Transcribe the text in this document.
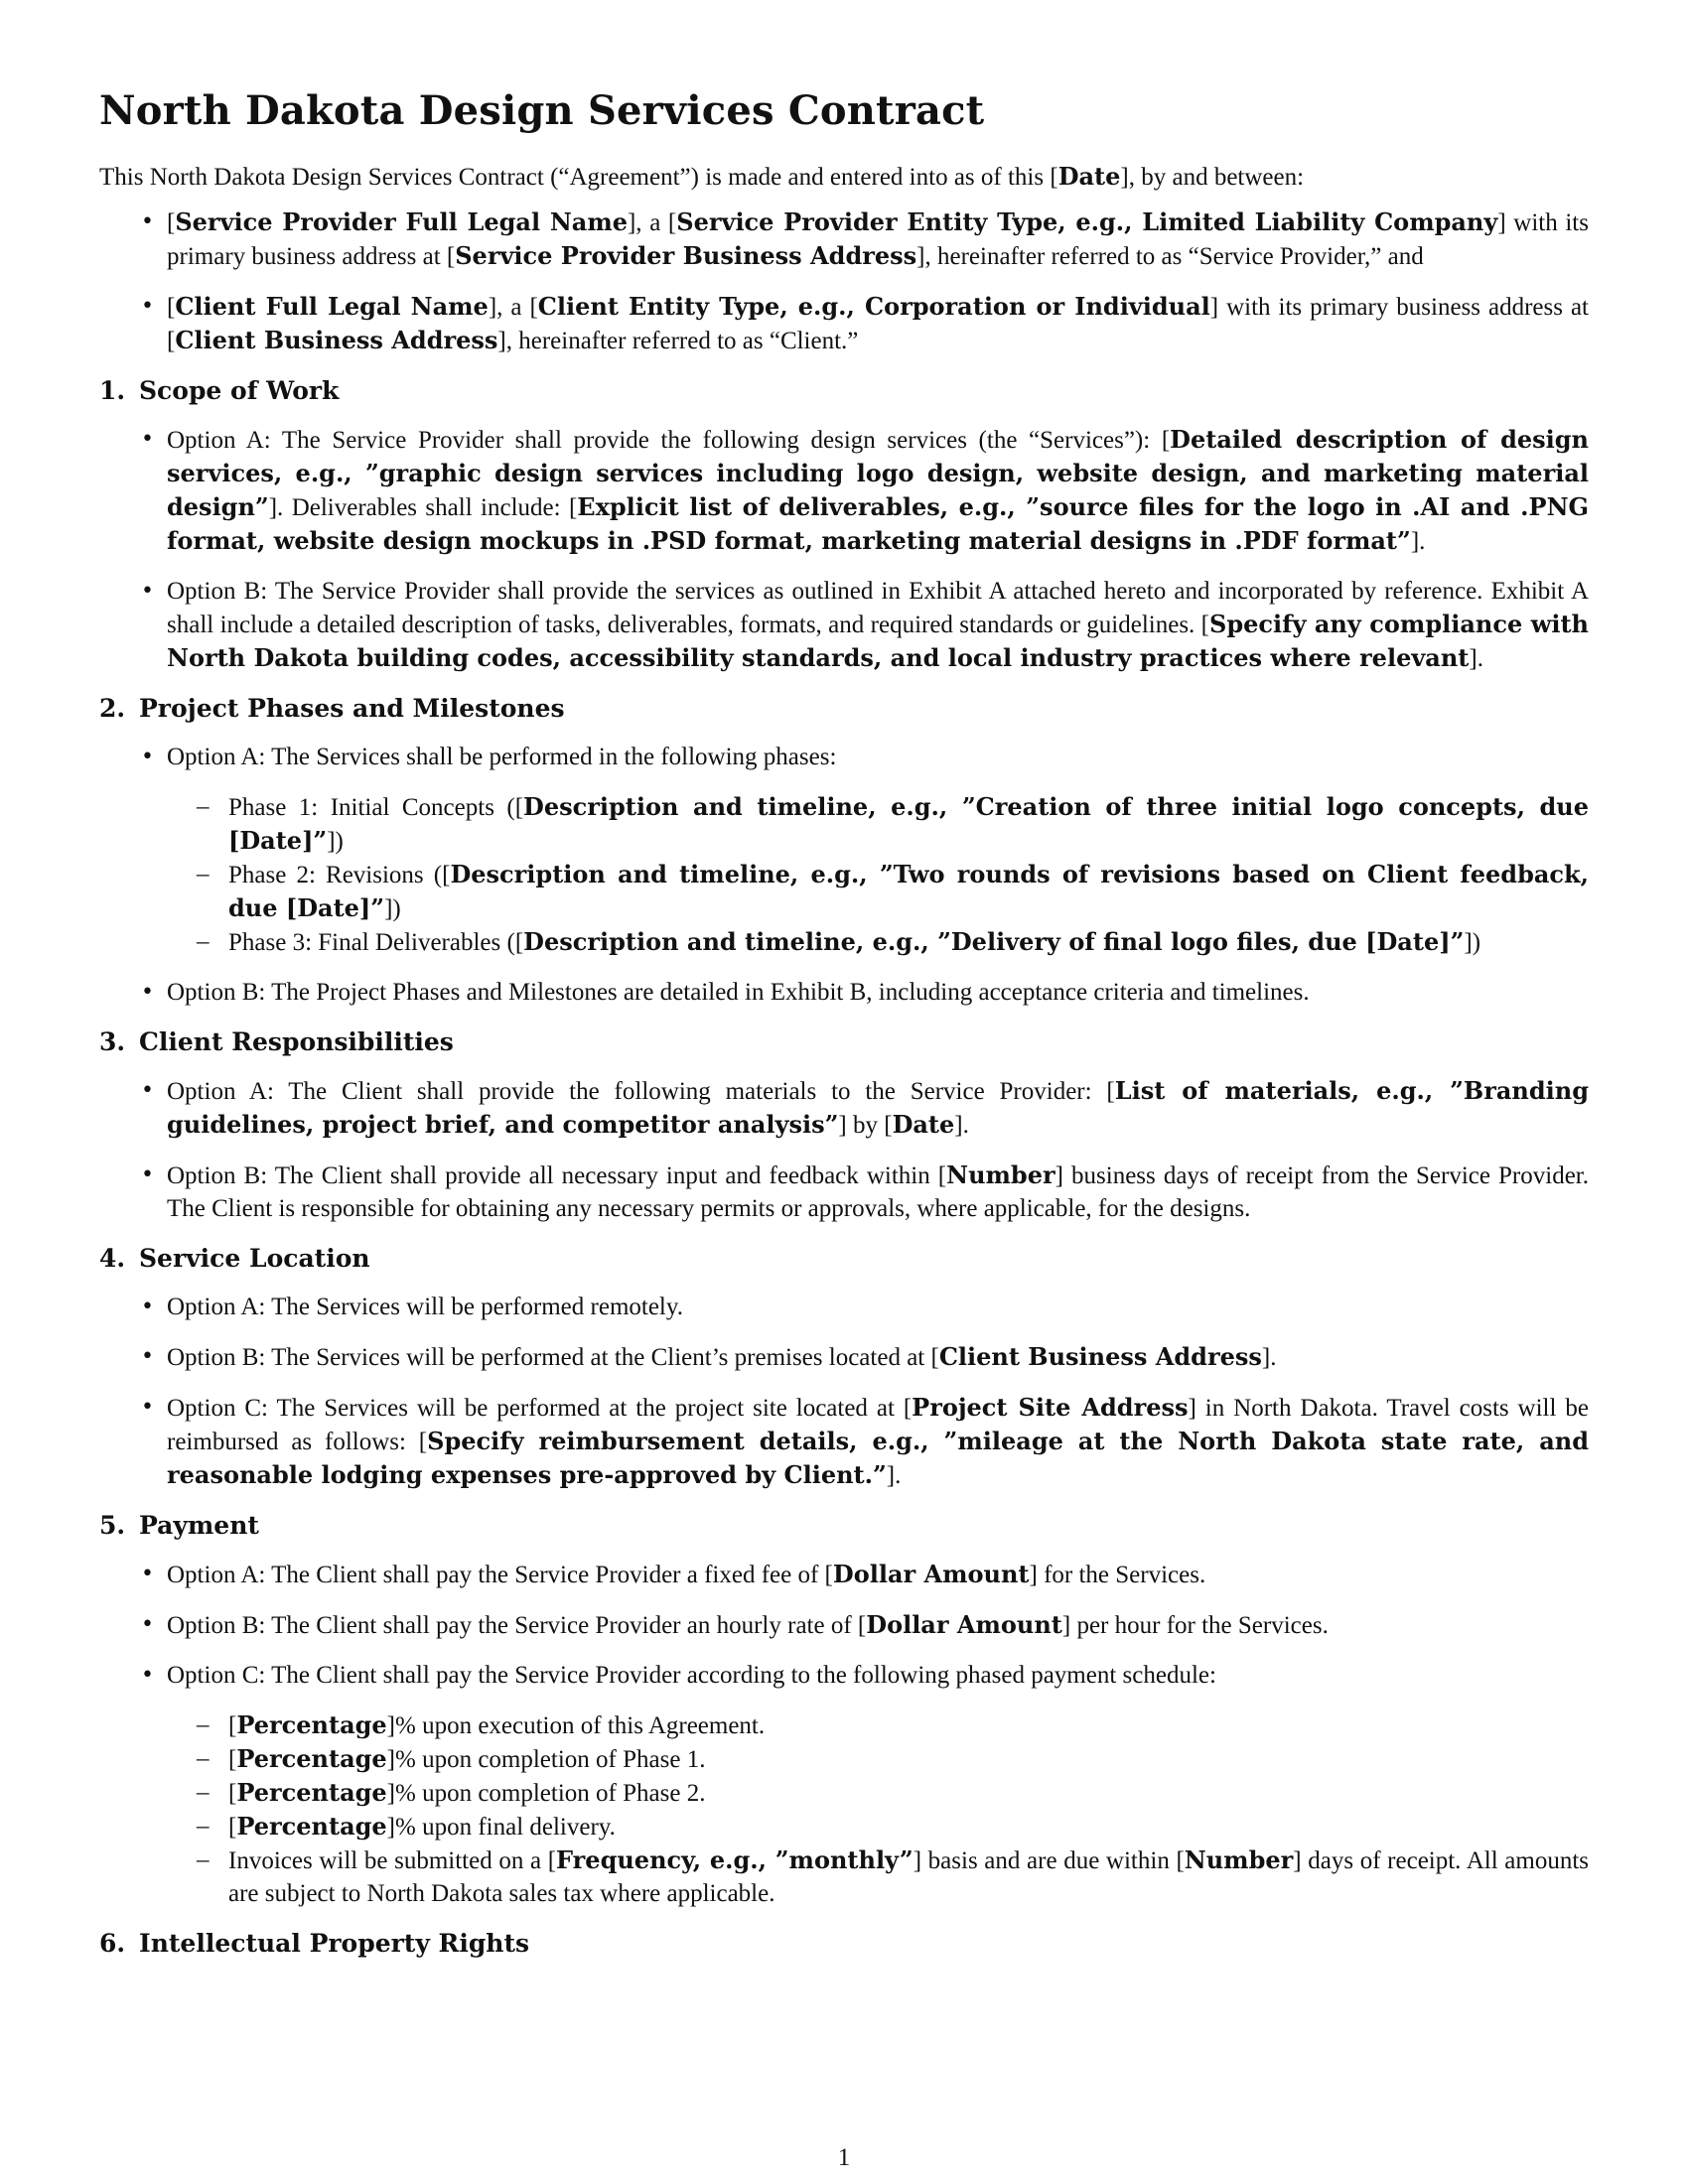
North Dakota Design Services Contract

This North Dakota Design Services Contract (“Agreement”) is made and entered into as of this [Date], by and between:

• [Service Provider Full Legal Name], a [Service Provider Entity Type, e.g., Limited Liability Company] with its primary business address at [Service Provider Business Address], hereinafter referred to as “Service Provider,” and
• [Client Full Legal Name], a [Client Entity Type, e.g., Corporation or Individual] with its primary business address at [Client Business Address], hereinafter referred to as “Client.”
1. Scope of Work
• Option A: The Service Provider shall provide the following design services (the “Services”): [Detailed description of design services, e.g., ”graphic design services including logo design, website design, and marketing material design”]. Deliverables shall include: [Explicit list of deliverables, e.g., ”source files for the logo in .AI and .PNG format, website design mockups in .PSD format, marketing material designs in .PDF format”].
• Option B: The Service Provider shall provide the services as outlined in Exhibit A attached hereto and incorporated by reference. Exhibit A shall include a detailed description of tasks, deliverables, formats, and required standards or guidelines. [Specify any compliance with North Dakota building codes, accessibility standards, and local industry practices where relevant].
2. Project Phases and Milestones
• Option A: The Services shall be performed in the following phases:
– Phase 1: Initial Concepts ([Description and timeline, e.g., ”Creation of three initial logo concepts, due [Date]”])
– Phase 2: Revisions ([Description and timeline, e.g., ”Two rounds of revisions based on Client feedback, due [Date]”])
– Phase 3: Final Deliverables ([Description and timeline, e.g., ”Delivery of final logo files, due [Date]”])
• Option B: The Project Phases and Milestones are detailed in Exhibit B, including acceptance criteria and timelines.
3. Client Responsibilities
• Option A: The Client shall provide the following materials to the Service Provider: [List of materials, e.g., ”Branding guidelines, project brief, and competitor analysis”] by [Date].
• Option B: The Client shall provide all necessary input and feedback within [Number] business days of receipt from the Service Provider. The Client is responsible for obtaining any necessary permits or approvals, where applicable, for the designs.
4. Service Location
• Option A: The Services will be performed remotely.
• Option B: The Services will be performed at the Client’s premises located at [Client Business Address].
• Option C: The Services will be performed at the project site located at [Project Site Address] in North Dakota. Travel costs will be reimbursed as follows: [Specify reimbursement details, e.g., ”mileage at the North Dakota state rate, and reasonable lodging expenses pre-approved by Client.”].
5. Payment
• Option A: The Client shall pay the Service Provider a fixed fee of [Dollar Amount] for the Services.
• Option B: The Client shall pay the Service Provider an hourly rate of [Dollar Amount] per hour for the Services.
• Option C: The Client shall pay the Service Provider according to the following phased payment schedule:
– [Percentage]% upon execution of this Agreement.
– [Percentage]% upon completion of Phase 1.
– [Percentage]% upon completion of Phase 2.
– [Percentage]% upon final delivery.
– Invoices will be submitted on a [Frequency, e.g., ”monthly”] basis and are due within [Number] days of receipt. All amounts are subject to North Dakota sales tax where applicable.
6. Intellectual Property Rights
1
